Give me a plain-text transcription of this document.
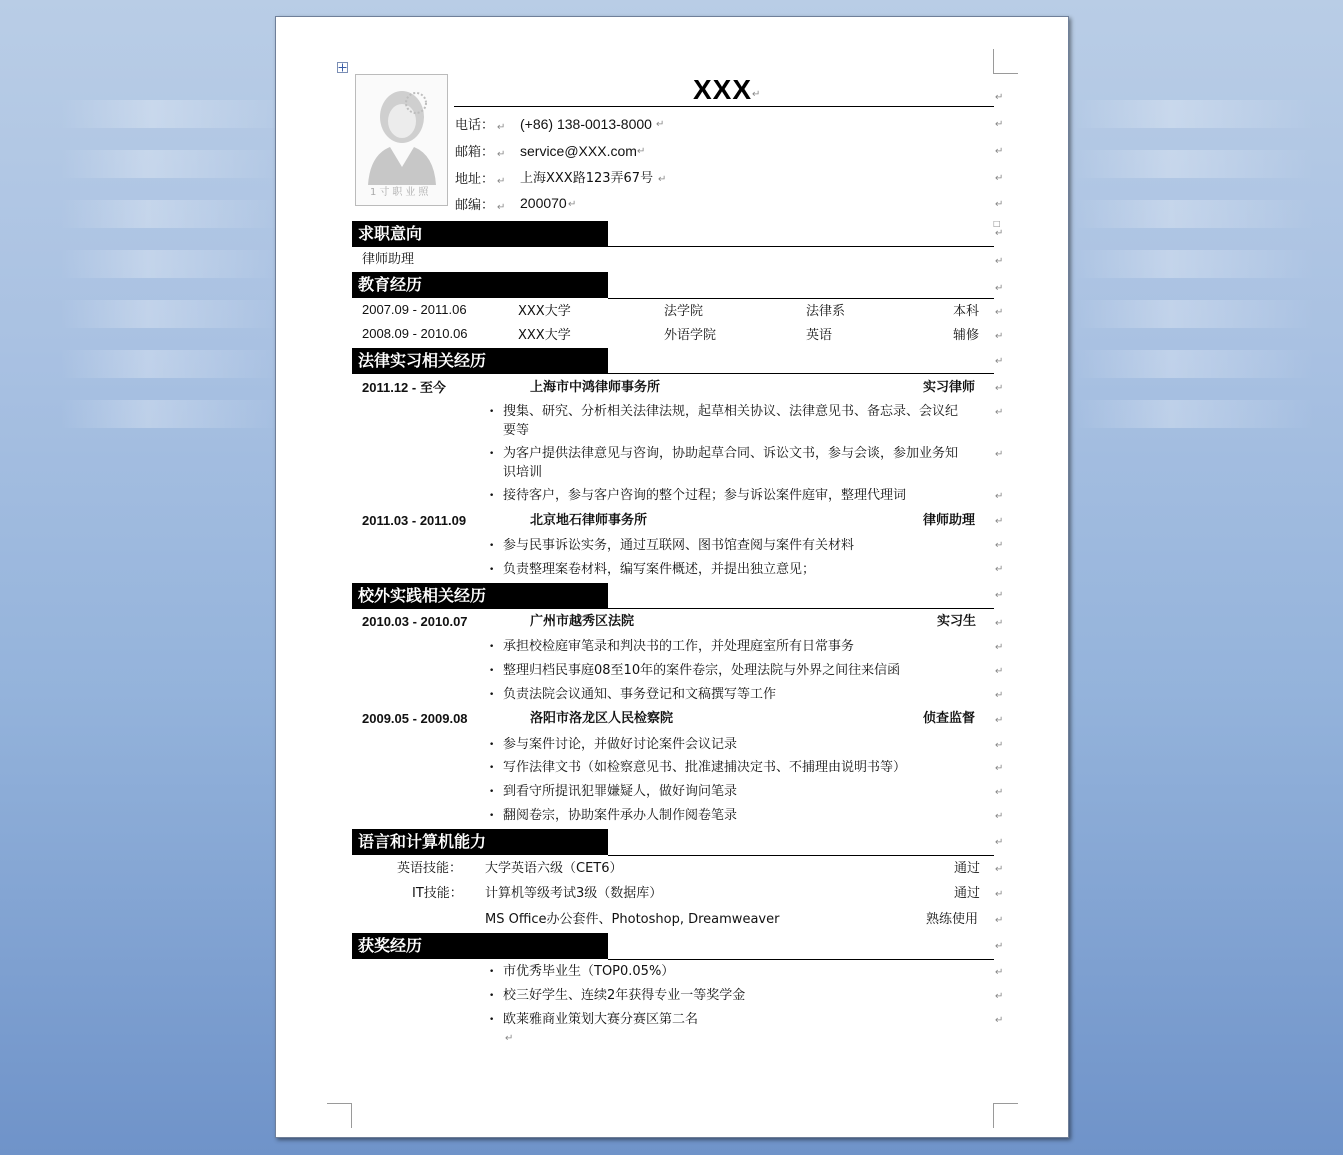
1寸职业照
XXX ↵
电话： (+86) 138-0013-8000
邮箱： service@XXX.com
地址： 上海XXX路123弄67号
邮编： 200070
↵
↵
↵
↵
↵
↵
↵
↵
求职意向
律师助理
教育经历
2007.09 - 2011.06	XXX大学	法学院	法律系	本科
2008.09 - 2010.06	XXX大学	外语学院	英语	辅修
法律实习相关经历
2011.12 - 至今	上海市中鸿律师事务所	实习律师
• 搜集、研究、分析相关法律法规，起草相关协议、法律意见书、备忘录、会议纪
要等
• 为客户提供法律意见与咨询，协助起草合同、诉讼文书，参与会谈，参加业务知
识培训
• 接待客户，参与客户咨询的整个过程；参与诉讼案件庭审，整理代理词
2011.03 - 2011.09	北京地石律师事务所	律师助理
• 参与民事诉讼实务，通过互联网、图书馆查阅与案件有关材料
• 负责整理案卷材料，编写案件概述，并提出独立意见；
校外实践相关经历
2010.03 - 2010.07	广州市越秀区法院	实习生
• 承担校检庭审笔录和判决书的工作，并处理庭室所有日常事务
• 整理归档民事庭08至10年的案件卷宗，处理法院与外界之间往来信函
• 负责法院会议通知、事务登记和文稿撰写等工作
2009.05 - 2009.08	洛阳市洛龙区人民检察院	侦查监督
• 参与案件讨论，并做好讨论案件会议记录
• 写作法律文书（如检察意见书、批准逮捕决定书、不捕理由说明书等）
• 到看守所提讯犯罪嫌疑人，做好询问笔录
• 翻阅卷宗，协助案件承办人制作阅卷笔录
语言和计算机能力
英语技能： 大学英语六级（CET6）	通过
IT技能： 计算机等级考试3级（数据库）	通过
MS Office办公套件、Photoshop, Dreamweaver	熟练使用
获奖经历
• 市优秀毕业生（TOP0.05%）
• 校三好学生、连续2年获得专业一等奖学金
• 欧莱雅商业策划大赛分赛区第二名
↵
↵
↵
↵
↵
↵
↵
↵
↵
↵
↵
↵
↵
↵
↵
↵
↵
↵
↵
↵
↵
↵
↵
↵
↵
↵
↵
↵
↵
↵
↵
↵
↵
↵
↵
↵
↵
□
